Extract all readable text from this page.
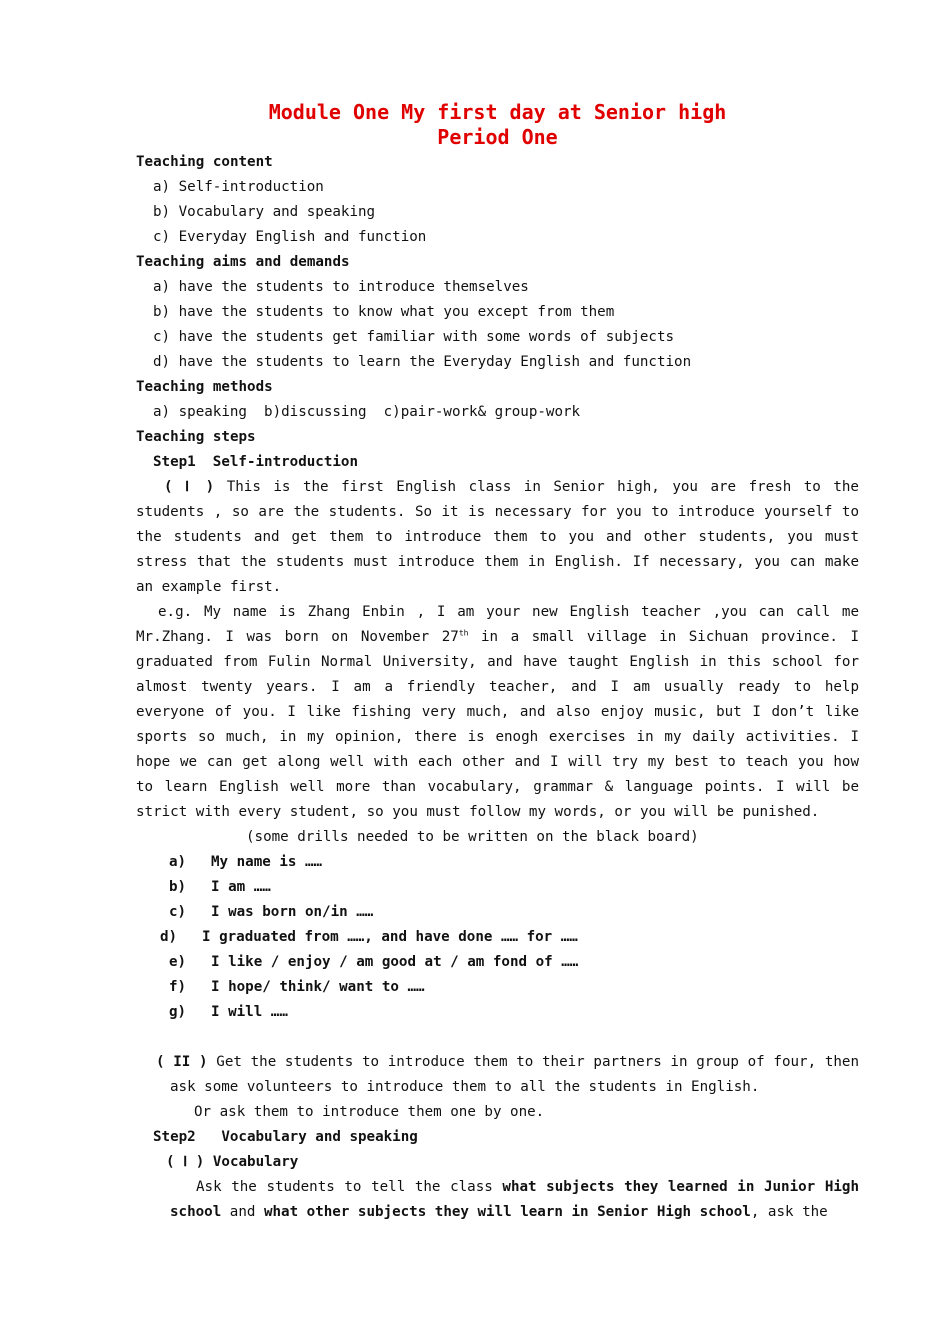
Module One My first day at Senior high

Period One

Teaching content

a) Self-introduction

b) Vocabulary and speaking

c) Everyday English and function

Teaching aims and demands

a) have the students to introduce themselves

b) have the students to know what you except from them

c) have the students get familiar with some words of subjects

d) have the students to learn the Everyday English and function

Teaching methods

a) speaking  b)discussing  c)pair-work& group-work

Teaching steps

Step1  Self-introduction

( Ⅰ ) This is the first English class in Senior high, you are fresh to the students , so are the students. So it is necessary for you to introduce yourself to the students and get them to introduce them to you and other students, you must stress that the students must introduce them in English. If necessary, you can make an example first.

e.g. My name is Zhang Enbin , I am your new English teacher ,you can call me Mr.Zhang. I was born on November 27th in a small village in Sichuan province. I graduated from Fulin Normal University, and have taught English in this school for almost twenty years. I am a friendly teacher, and I am usually ready to help everyone of you. I like fishing very much, and also enjoy music, but I don’t like sports so much, in my opinion, there is enogh exercises in my daily activities. I hope we can get along well with each other and I will try my best to teach you how to learn English well more than vocabulary, grammar & language points. I will be strict with every student, so you must follow my words, or you will be punished.

(some drills needed to be written on the black board)

a) My name is ……

b) I am ……

c) I was born on/in ……

d) I graduated from ……, and have done …… for ……

e) I like / enjoy / am good at / am fond of ……

f) I hope/ think/ want to ……

g) I will ……

( II ) Get the students to introduce them to their partners in group of four, then ask some volunteers to introduce them to all the students in English.

Or ask them to introduce them one by one.

Step2   Vocabulary and speaking

( Ⅰ ) Vocabulary

Ask the students to tell the class what subjects they learned in Junior High school and what other subjects they will learn in Senior High school, ask the
